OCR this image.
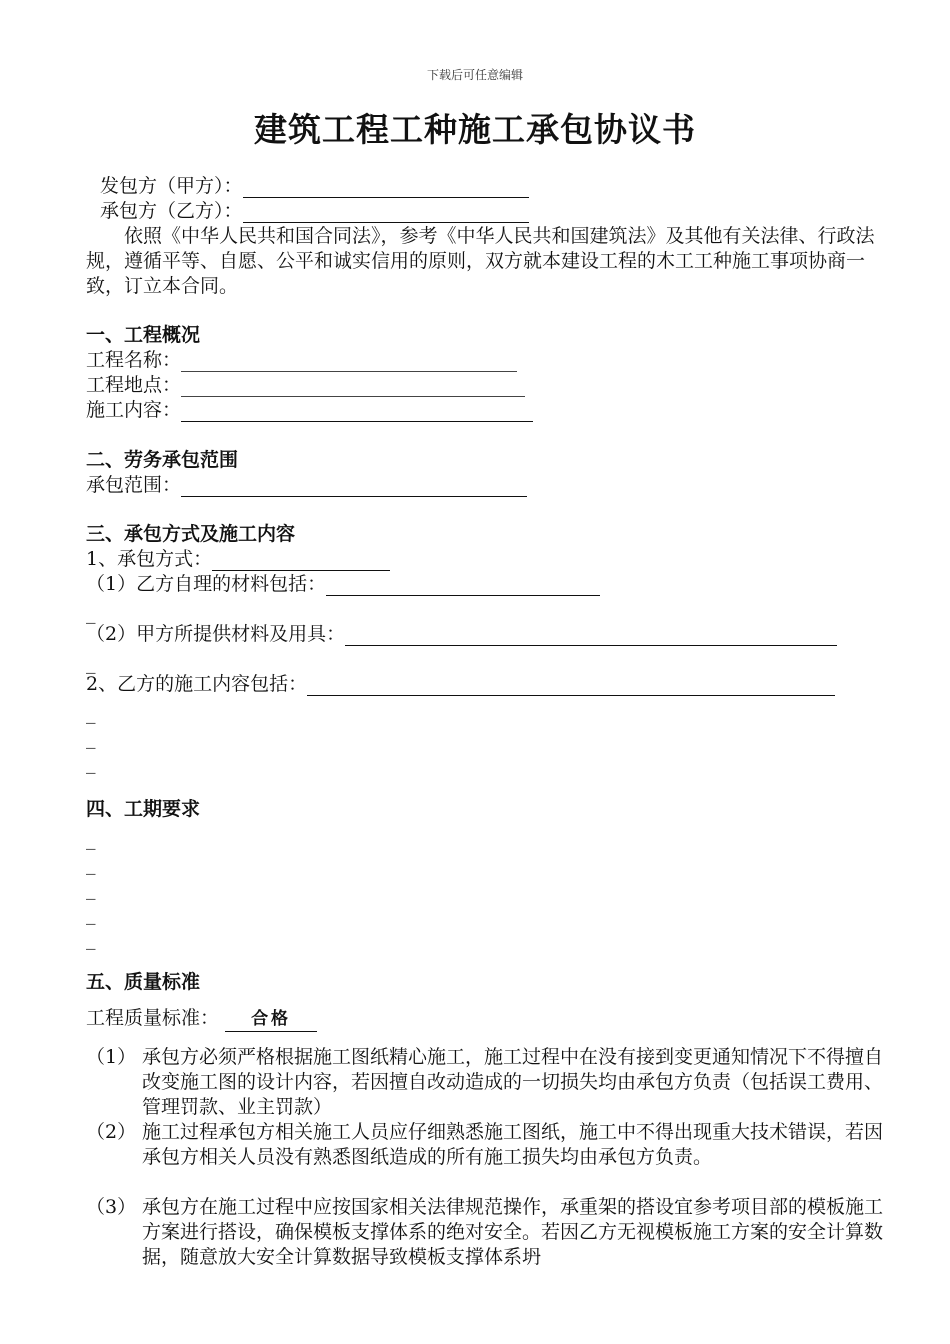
下载后可任意编辑
建筑工程工种施工承包协议书
发包方（甲方）：
承包方（乙方）：
依照《中华人民共和国合同法》，参考《中华人民共和国建筑法》及其他有关法律、行政法规，遵循平等、自愿、公平和诚实信用的原则，双方就本建设工程的木工工种施工事项协商一致，订立本合同。
一、工程概况
工程名称：
工程地点：
施工内容：
二、劳务承包范围
承包范围：
三、承包方式及施工内容
1、承包方式：
（1）乙方自理的材料包括：
_
（2）甲方所提供材料及用具：
_
2、乙方的施工内容包括：
_
_
_
四、工期要求
_
_
_
_
_
五、质量标准
工程质量标准： 合格
（1） 承包方必须严格根据施工图纸精心施工，施工过程中在没有接到变更通知情况下不得擅自改变施工图的设计内容，若因擅自改动造成的一切损失均由承包方负责（包括误工费用、管理罚款、业主罚款）
（2） 施工过程承包方相关施工人员应仔细熟悉施工图纸，施工中不得出现重大技术错误，若因承包方相关人员没有熟悉图纸造成的所有施工损失均由承包方负责。
（3） 承包方在施工过程中应按国家相关法律规范操作，承重架的搭设宜参考项目部的模板施工方案进行搭设，确保模板支撑体系的绝对安全。若因乙方无视模板施工方案的安全计算数据，随意放大安全计算数据导致模板支撑体系坍
